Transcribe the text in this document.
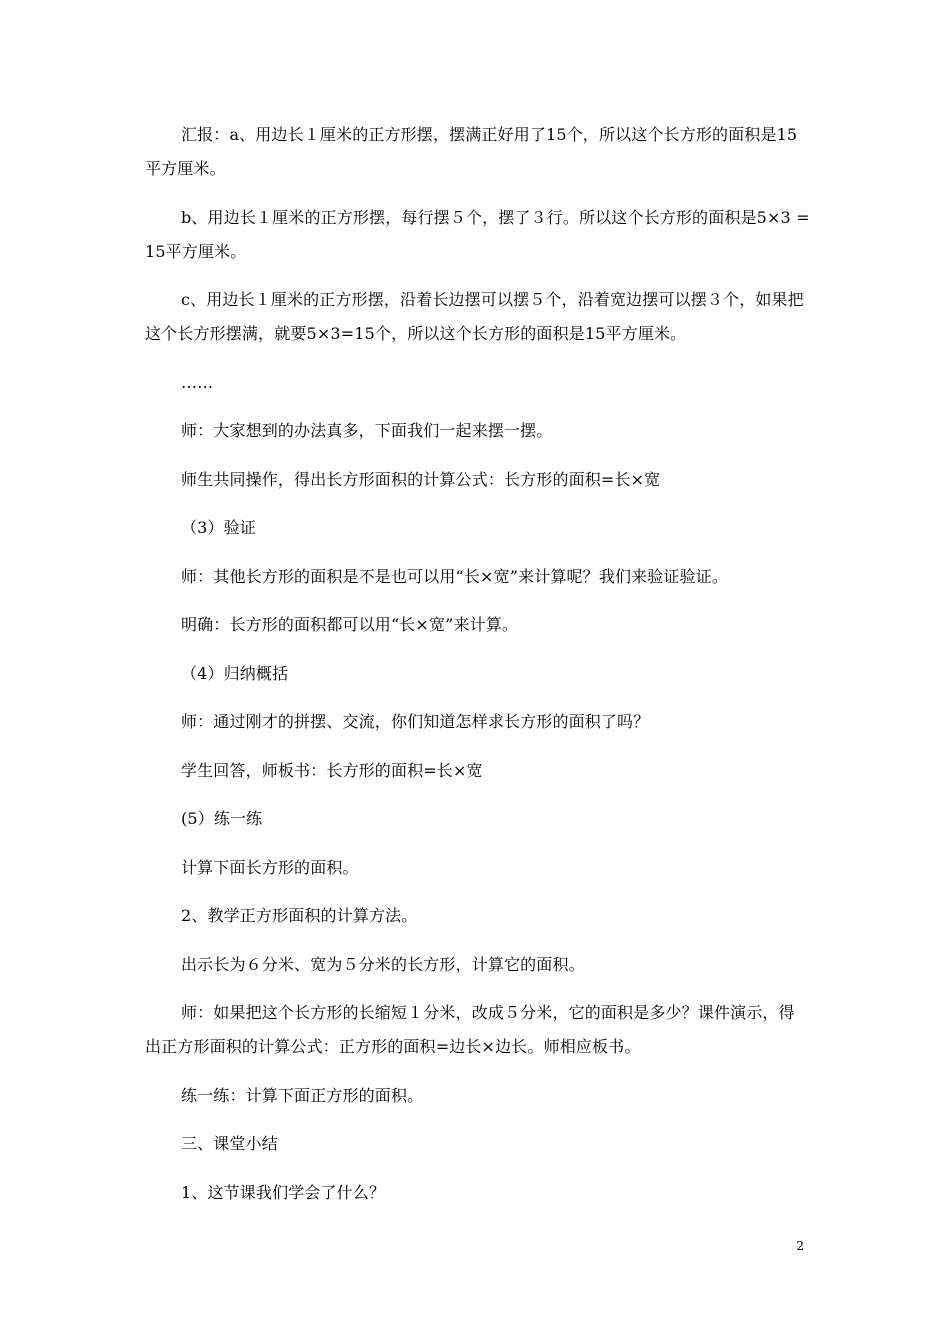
汇报：a、用边长１厘米的正方形摆，摆满正好用了15个，所以这个长方形的面积是15平方厘米。

b、用边长１厘米的正方形摆，每行摆５个，摆了３行。所以这个长方形的面积是5×3 =15平方厘米。

c、用边长１厘米的正方形摆，沿着长边摆可以摆５个，沿着宽边摆可以摆３个，如果把这个长方形摆满，就要5×3=15个，所以这个长方形的面积是15平方厘米。

……

师：大家想到的办法真多，下面我们一起来摆一摆。

师生共同操作，得出长方形面积的计算公式：长方形的面积=长×宽

（3）验证

师：其他长方形的面积是不是也可以用“长×宽”来计算呢？我们来验证验证。

明确：长方形的面积都可以用“长×宽”来计算。

（4）归纳概括

师：通过刚才的拼摆、交流，你们知道怎样求长方形的面积了吗？

学生回答，师板书：长方形的面积=长×宽

(5）练一练

计算下面长方形的面积。

2、教学正方形面积的计算方法。

出示长为６分米、宽为５分米的长方形，计算它的面积。

师：如果把这个长方形的长缩短１分米，改成５分米，它的面积是多少？课件演示，得出正方形面积的计算公式：正方形的面积=边长×边长。师相应板书。

练一练：计算下面正方形的面积。

三、课堂小结

1、这节课我们学会了什么？

2
